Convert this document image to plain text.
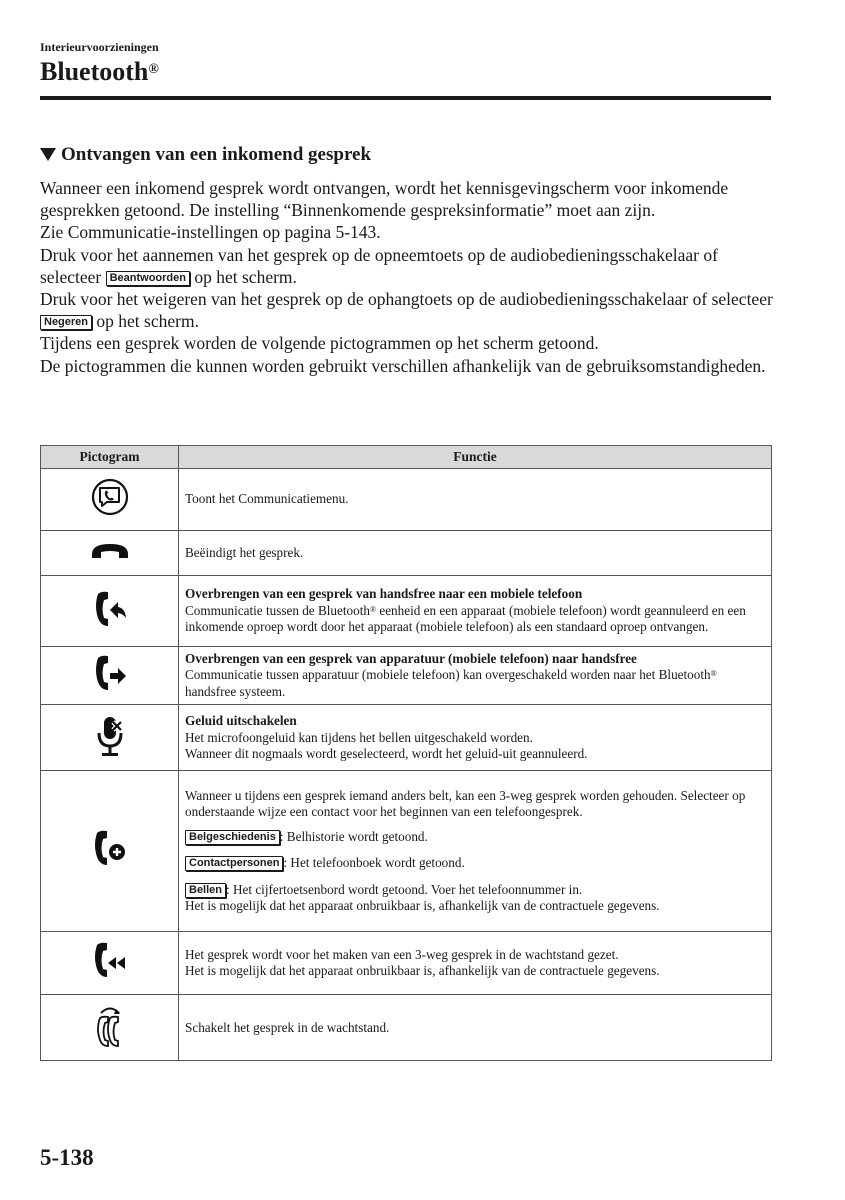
Interieurvoorzieningen
Bluetooth®
Ontvangen van een inkomend gesprek

Wanneer een inkomend gesprek wordt ontvangen, wordt het kennisgevingscherm voor inkomende gesprekken getoond. De instelling “Binnenkomende gespreksinformatie” moet aan zijn.

Zie Communicatie-instellingen op pagina 5-143.

Druk voor het aannemen van het gesprek op de opneemtoets op de audiobedieningsschakelaar of selecteer Beantwoorden op het scherm.

Druk voor het weigeren van het gesprek op de ophangtoets op de audiobedieningsschakelaar of selecteer Negeren op het scherm.

Tijdens een gesprek worden de volgende pictogrammen op het scherm getoond.

De pictogrammen die kunnen worden gebruikt verschillen afhankelijk van de gebruiksomstandigheden.

Pictogram	Functie
	Toont het Communicatiemenu.
	Beëindigt het gesprek.

Overbrengen van een gesprek van handsfree naar een mobiele telefoon
Communicatie tussen de Bluetooth® eenheid en een apparaat (mobiele telefoon) wordt geannuleerd en een inkomende oproep wordt door het apparaat (mobiele telefoon) als een standaard oproep ontvangen.

Overbrengen van een gesprek van apparatuur (mobiele telefoon) naar handsfree
Communicatie tussen apparatuur (mobiele telefoon) kan overgeschakeld worden naar het Bluetooth® handsfree systeem.

Geluid uitschakelen
Het microfoongeluid kan tijdens het bellen uitgeschakeld worden.
Wanneer dit nogmaals wordt geselecteerd, wordt het geluid-uit geannuleerd.

Wanneer u tijdens een gesprek iemand anders belt, kan een 3-weg gesprek worden gehouden. Selecteer op onderstaande wijze een contact voor het beginnen van een telefoongesprek.
Belgeschiedenis : Belhistorie wordt getoond.
Contactpersonen : Het telefoonboek wordt getoond.
Bellen : Het cijfertoetsenbord wordt getoond. Voer het telefoonnummer in.
Het is mogelijk dat het apparaat onbruikbaar is, afhankelijk van de contractuele gegevens.

Het gesprek wordt voor het maken van een 3-weg gesprek in de wachtstand gezet.
Het is mogelijk dat het apparaat onbruikbaar is, afhankelijk van de contractuele gegevens.

	Schakelt het gesprek in de wachtstand.
5-138
